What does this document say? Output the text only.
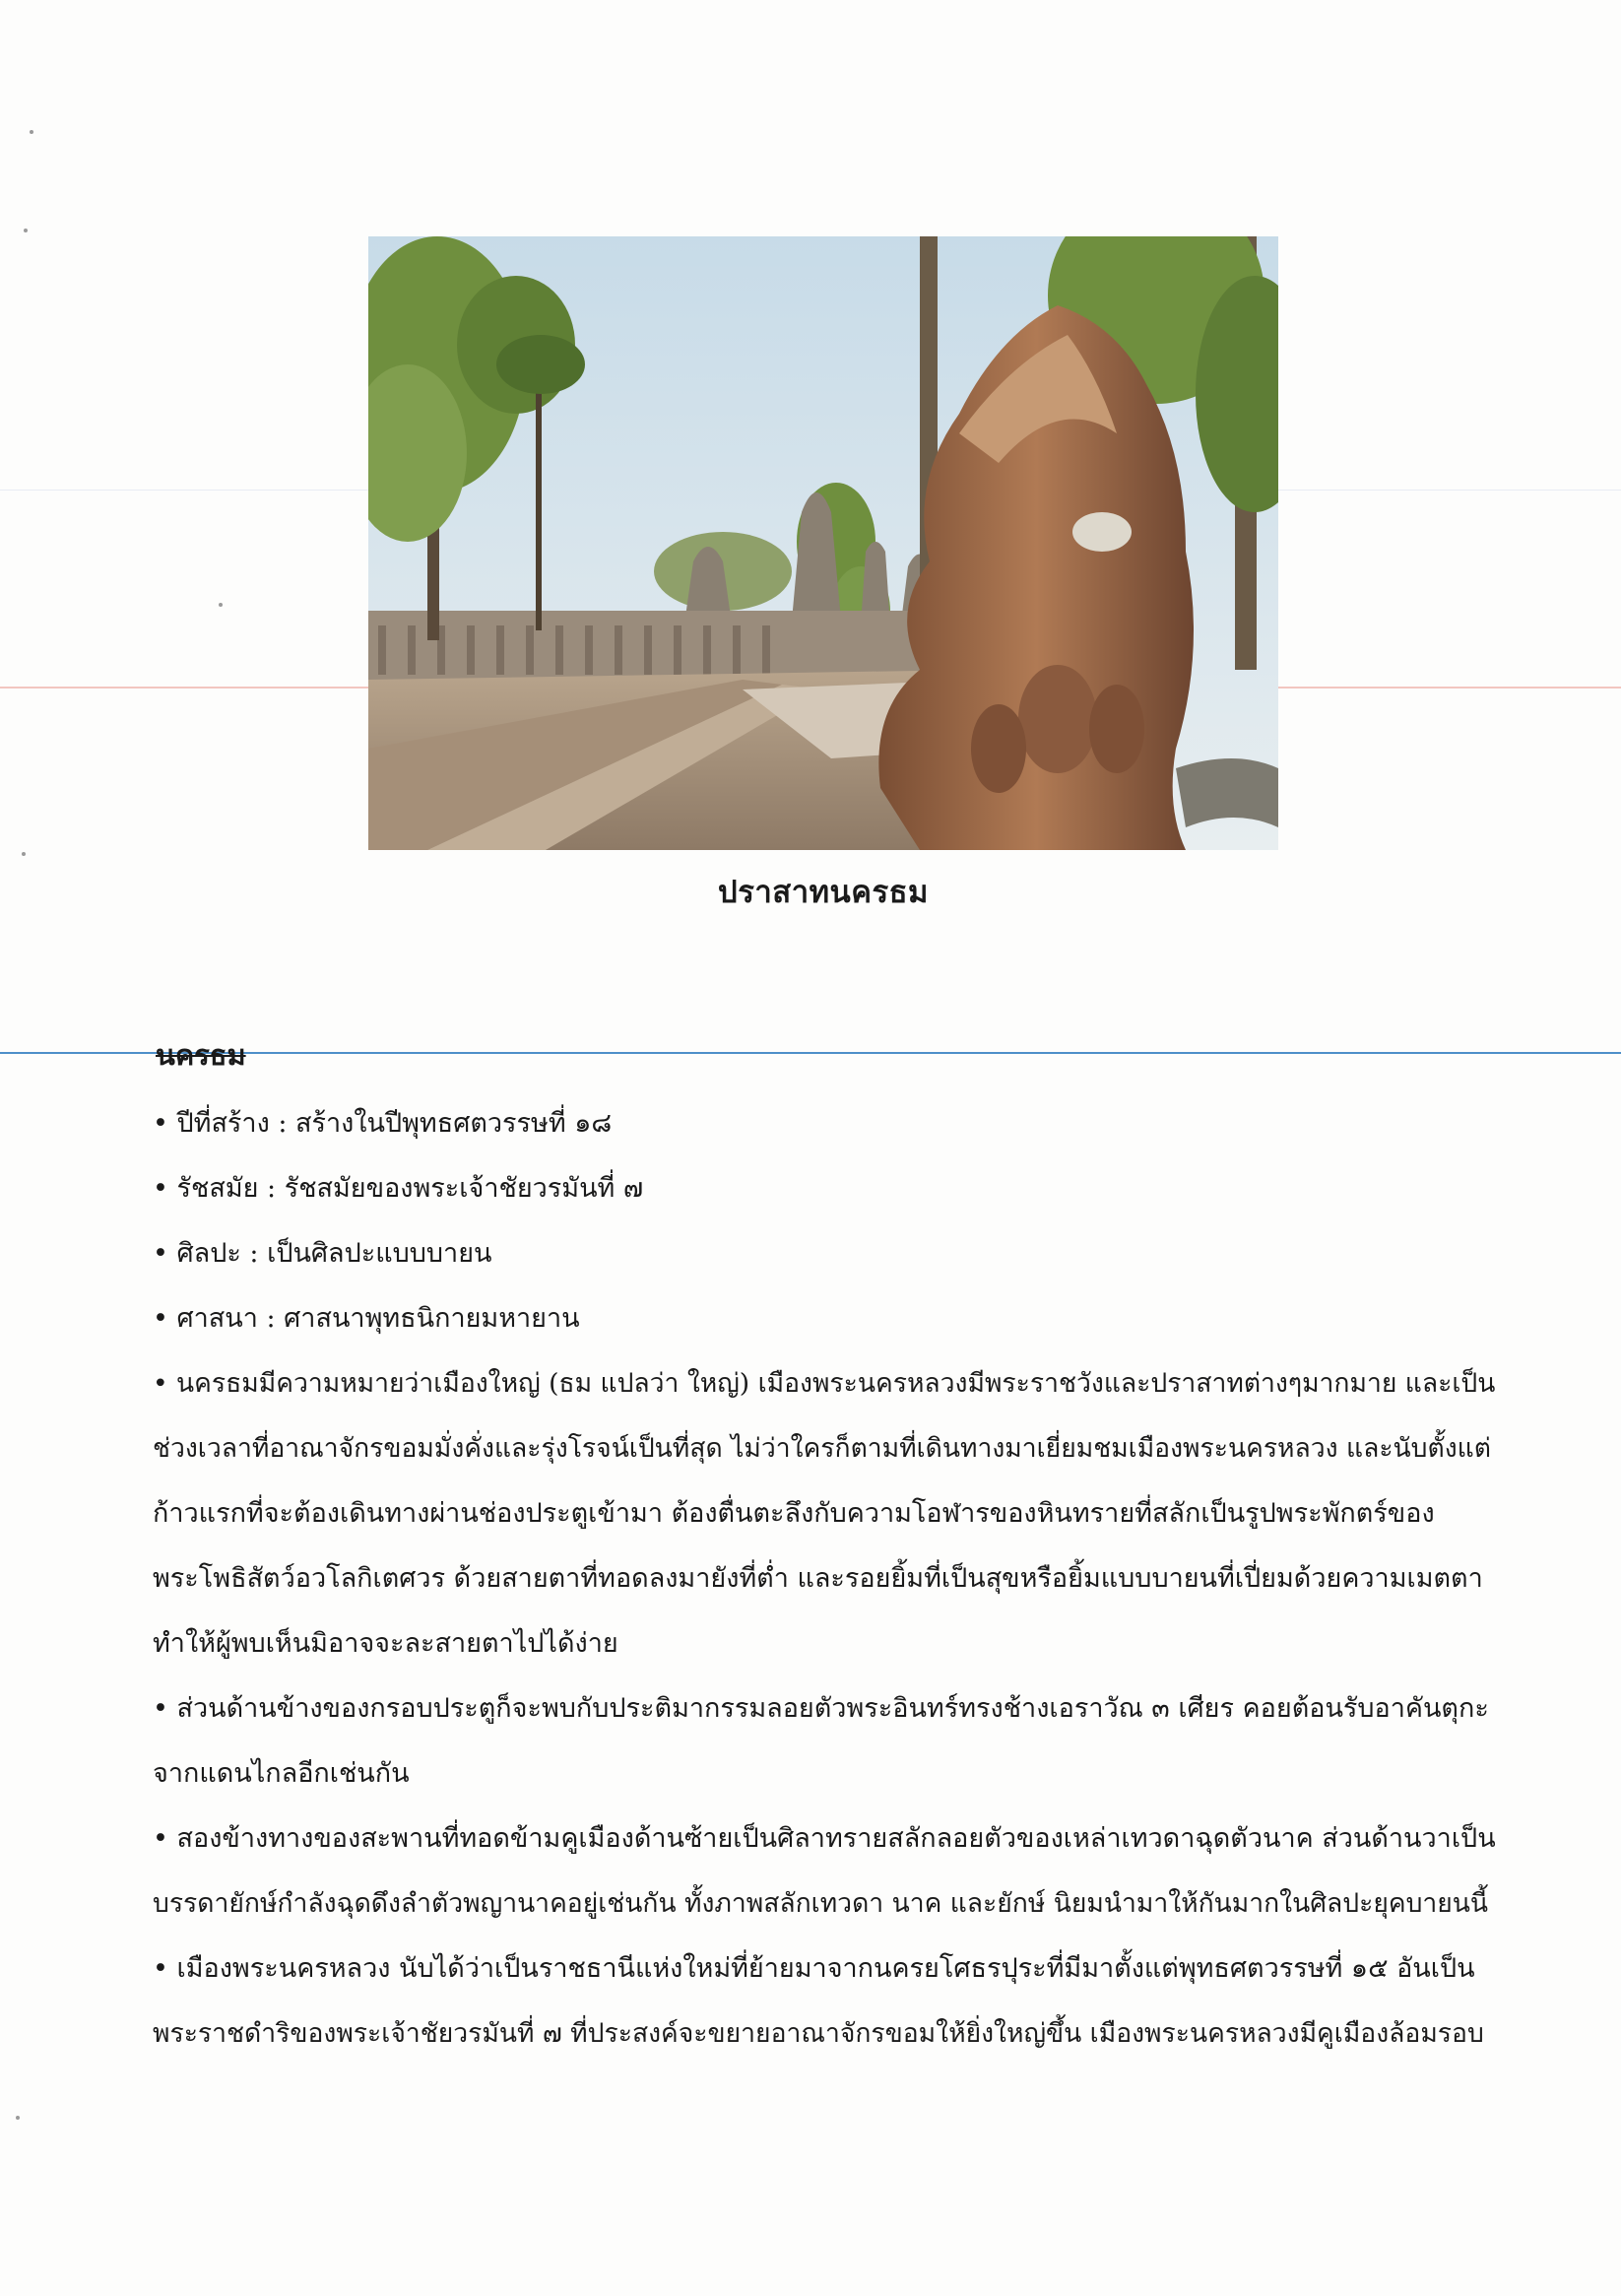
ปราสาทนครธม
นครธม
• ปีที่สร้าง : สร้างในปีพุทธศตวรรษที่ ๑๘
• รัชสมัย : รัชสมัยของพระเจ้าชัยวรมันที่ ๗
• ศิลปะ : เป็นศิลปะแบบบายน
• ศาสนา : ศาสนาพุทธนิกายมหายาน
• นครธมมีความหมายว่าเมืองใหญ่ (ธม แปลว่า ใหญ่) เมืองพระนครหลวงมีพระราชวังและปราสาทต่างๆมากมาย และเป็น
ช่วงเวลาที่อาณาจักรขอมมั่งคั่งและรุ่งโรจน์เป็นที่สุด ไม่ว่าใครก็ตามที่เดินทางมาเยี่ยมชมเมืองพระนครหลวง และนับตั้งแต่
ก้าวแรกที่จะต้องเดินทางผ่านช่องประตูเข้ามา ต้องตื่นตะลึงกับความโอฬารของหินทรายที่สลักเป็นรูปพระพักตร์ของ
พระโพธิสัตว์อวโลกิเตศวร ด้วยสายตาที่ทอดลงมายังที่ต่ำ และรอยยิ้มที่เป็นสุขหรือยิ้มแบบบายนที่เปี่ยมด้วยความเมตตา
ทำให้ผู้พบเห็นมิอาจจะละสายตาไปได้ง่าย
• ส่วนด้านข้างของกรอบประตูก็จะพบกับประติมากรรมลอยตัวพระอินทร์ทรงช้างเอราวัณ ๓ เศียร คอยต้อนรับอาคันตุกะ
จากแดนไกลอีกเช่นกัน
• สองข้างทางของสะพานที่ทอดข้ามคูเมืองด้านซ้ายเป็นศิลาทรายสลักลอยตัวของเหล่าเทวดาฉุดตัวนาค ส่วนด้านวาเป็น
บรรดายักษ์กำลังฉุดดึงลำตัวพญานาคอยู่เช่นกัน ทั้งภาพสลักเทวดา นาค และยักษ์ นิยมนำมาให้กันมากในศิลปะยุคบายนนี้
• เมืองพระนครหลวง นับได้ว่าเป็นราชธานีแห่งใหม่ที่ย้ายมาจากนครยโศธรปุระที่มีมาตั้งแต่พุทธศตวรรษที่ ๑๕ อันเป็น
พระราชดำริของพระเจ้าชัยวรมันที่ ๗ ที่ประสงค์จะขยายอาณาจักรขอมให้ยิ่งใหญ่ขึ้น เมืองพระนครหลวงมีคูเมืองล้อมรอบ
